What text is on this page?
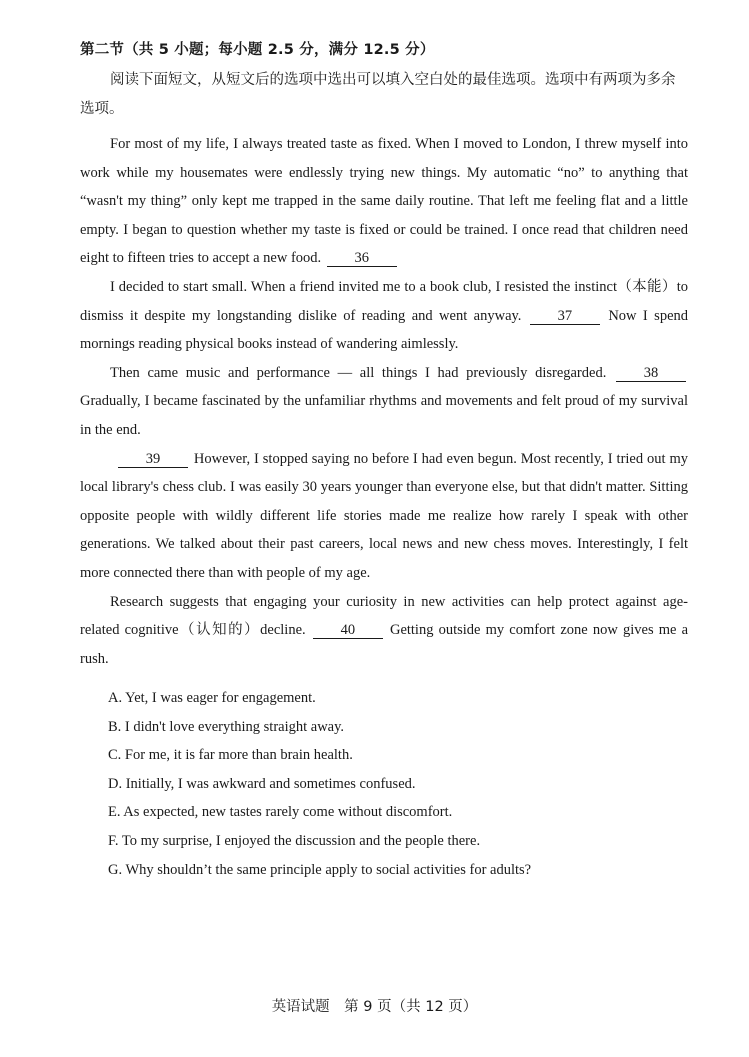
第二节（共 5 小题；每小题 2.5 分，满分 12.5 分）

阅读下面短文，从短文后的选项中选出可以填入空白处的最佳选项。选项中有两项为多余选项。

For most of my life, I always treated taste as fixed. When I moved to London, I threw myself into work while my housemates were endlessly trying new things. My automatic “no” to anything that “wasn't my thing” only kept me trapped in the same daily routine. That left me feeling flat and a little empty. I began to question whether my taste is fixed or could be trained. I once read that children need eight to fifteen tries to accept a new food. 36

I decided to start small. When a friend invited me to a book club, I resisted the instinct（本能）to dismiss it despite my longstanding dislike of reading and went anyway. 37 Now I spend mornings reading physical books instead of wandering aimlessly.

Then came music and performance — all things I had previously disregarded.	38 Gradually, I became fascinated by the unfamiliar rhythms and movements and felt proud of my survival in the end.

39 However, I stopped saying no before I had even begun. Most recently, I tried out my local library's chess club. I was easily 30 years younger than everyone else, but that didn't matter. Sitting opposite people with wildly different life stories made me realize how rarely I speak with other generations. We talked about their past careers, local news and new chess moves. Interestingly, I felt more connected there than with people of my age.

Research suggests that engaging your curiosity in new activities can help protect against age-related cognitive（认知的）decline. 40 Getting outside my comfort zone now gives me a rush.

A. Yet, I was eager for engagement.
B. I didn't love everything straight away.
C. For me, it is far more than brain health.
D. Initially, I was awkward and sometimes confused.
E. As expected, new tastes rarely come without discomfort.
F. To my surprise, I enjoyed the discussion and the people there.
G. Why shouldn’t the same principle apply to social activities for adults?
英语试题　第 9 页（共 12 页）
